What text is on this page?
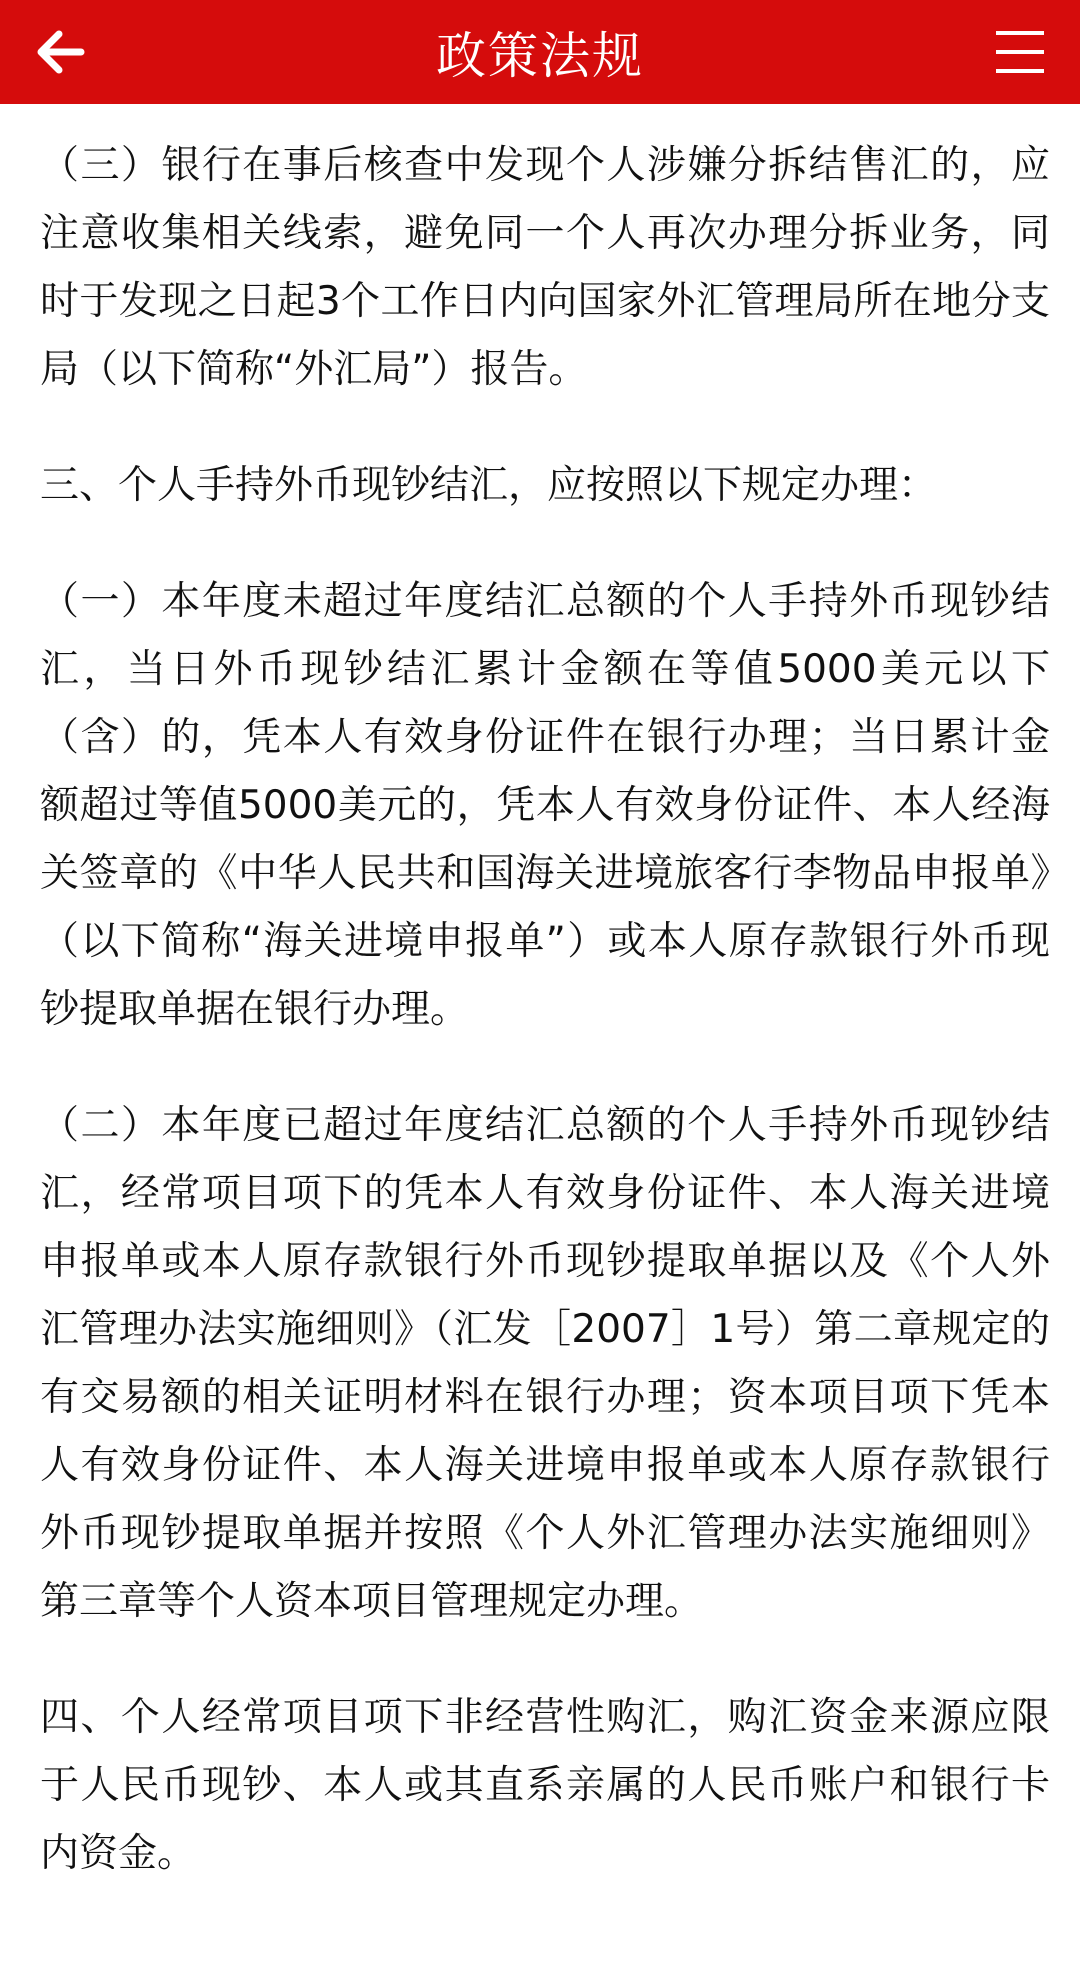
政策法规

（三）银行在事后核查中发现个人涉嫌分拆结售汇的，应注意收集相关线索，避免同一个人再次办理分拆业务，同时于发现之日起3个工作日内向国家外汇管理局所在地分支局（以下简称“外汇局”）报告。

三、个人手持外币现钞结汇，应按照以下规定办理：

（一）本年度未超过年度结汇总额的个人手持外币现钞结汇，当日外币现钞结汇累计金额在等值5000美元以下（含）的，凭本人有效身份证件在银行办理；当日累计金额超过等值5000美元的，凭本人有效身份证件、本人经海关签章的《中华人民共和国海关进境旅客行李物品申报单》（以下简称“海关进境申报单”）或本人原存款银行外币现钞提取单据在银行办理。

（二）本年度已超过年度结汇总额的个人手持外币现钞结汇，经常项目项下的凭本人有效身份证件、本人海关进境申报单或本人原存款银行外币现钞提取单据以及《个人外汇管理办法实施细则》（汇发［2007］1号）第二章规定的有交易额的相关证明材料在银行办理；资本项目项下凭本人有效身份证件、本人海关进境申报单或本人原存款银行外币现钞提取单据并按照《个人外汇管理办法实施细则》第三章等个人资本项目管理规定办理。

四、个人经常项目项下非经营性购汇，购汇资金来源应限于人民币现钞、本人或其直系亲属的人民币账户和银行卡内资金。
